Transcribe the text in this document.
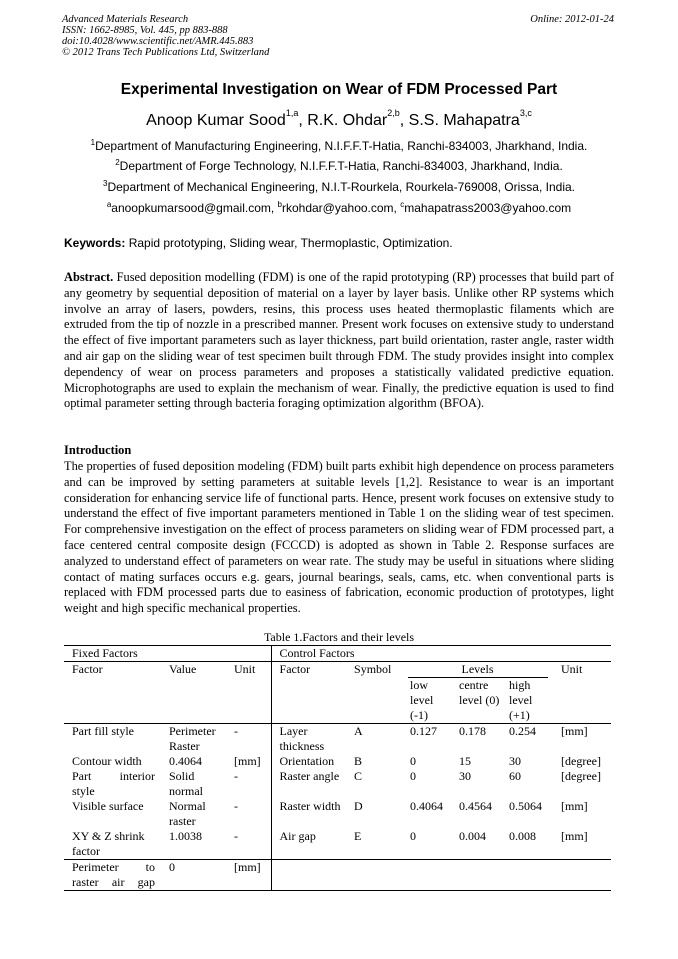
Advanced Materials Research
ISSN: 1662-8985, Vol. 445, pp 883-888
doi:10.4028/www.scientific.net/AMR.445.883
© 2012 Trans Tech Publications Ltd, Switzerland
Online: 2012-01-24
Experimental Investigation on Wear of FDM Processed Part
Anoop Kumar Sood$^{1,a}$, R.K. Ohdar$^{2,b}$, S.S. Mahapatra$^{3,c}$
$^1$Department of Manufacturing Engineering, N.I.F.F.T-Hatia, Ranchi-834003, Jharkhand, India.
$^2$Department of Forge Technology, N.I.F.F.T-Hatia, Ranchi-834003, Jharkhand, India.
$^3$Department of Mechanical Engineering, N.I.T-Rourkela, Rourkela-769008, Orissa, India.
$^a$anoopkumarsood@gmail.com, $^b$rkohdar@yahoo.com, $^c$mahapatrass2003@yahoo.com
Keywords: Rapid prototyping, Sliding wear, Thermoplastic, Optimization.
Abstract. Fused deposition modelling (FDM) is one of the rapid prototyping (RP) processes that build part of any geometry by sequential deposition of material on a layer by layer basis. Unlike other RP systems which involve an array of lasers, powders, resins, this process uses heated thermoplastic filaments which are extruded from the tip of nozzle in a prescribed manner. Present work focuses on extensive study to understand the effect of five important parameters such as layer thickness, part build orientation, raster angle, raster width and air gap on the sliding wear of test specimen built through FDM. The study provides insight into complex dependency of wear on process parameters and proposes a statistically validated predictive equation. Microphotographs are used to explain the mechanism of wear. Finally, the predictive equation is used to find optimal parameter setting through bacteria foraging optimization algorithm (BFOA).
Introduction
The properties of fused deposition modeling (FDM) built parts exhibit high dependence on process parameters and can be improved by setting parameters at suitable levels [1,2]. Resistance to wear is an important consideration for enhancing service life of functional parts. Hence, present work focuses on extensive study to understand the effect of five important parameters mentioned in Table 1 on the sliding wear of test specimen. For comprehensive investigation on the effect of process parameters on sliding wear of FDM processed part, a face centered central composite design (FCCCD) is adopted as shown in Table 2. Response surfaces are analyzed to understand effect of parameters on wear rate. The study may be useful in situations where sliding contact of mating surfaces occurs e.g. gears, journal bearings, seals, cams, etc. when conventional parts is replaced with FDM processed parts due to easiness of fabrication, economic production of prototypes, light weight and high specific mechanical properties.
Table 1.Factors and their levels
Fixed Factors			Control Factors					
Factor	Value	Unit	Factor	Symbol	Levels			Unit
					low level (-1)	centre level (0)	high level (+1)	
Part fill style	Perimeter Raster	-	Layer thickness	A	0.127	0.178	0.254	[mm]
Contour width	0.4064	[mm]	Orientation	B	0	15	30	[degree]
Part interior style	Solid normal	-	Raster angle	C	0	30	60	[degree]
Visible surface	Normal raster	-	Raster width	D	0.4064	0.4564	0.5064	[mm]
XY & Z shrink factor	1.0038	-	Air gap	E	0	0.004	0.008	[mm]
Perimeter to raster air gap	0	[mm]						
